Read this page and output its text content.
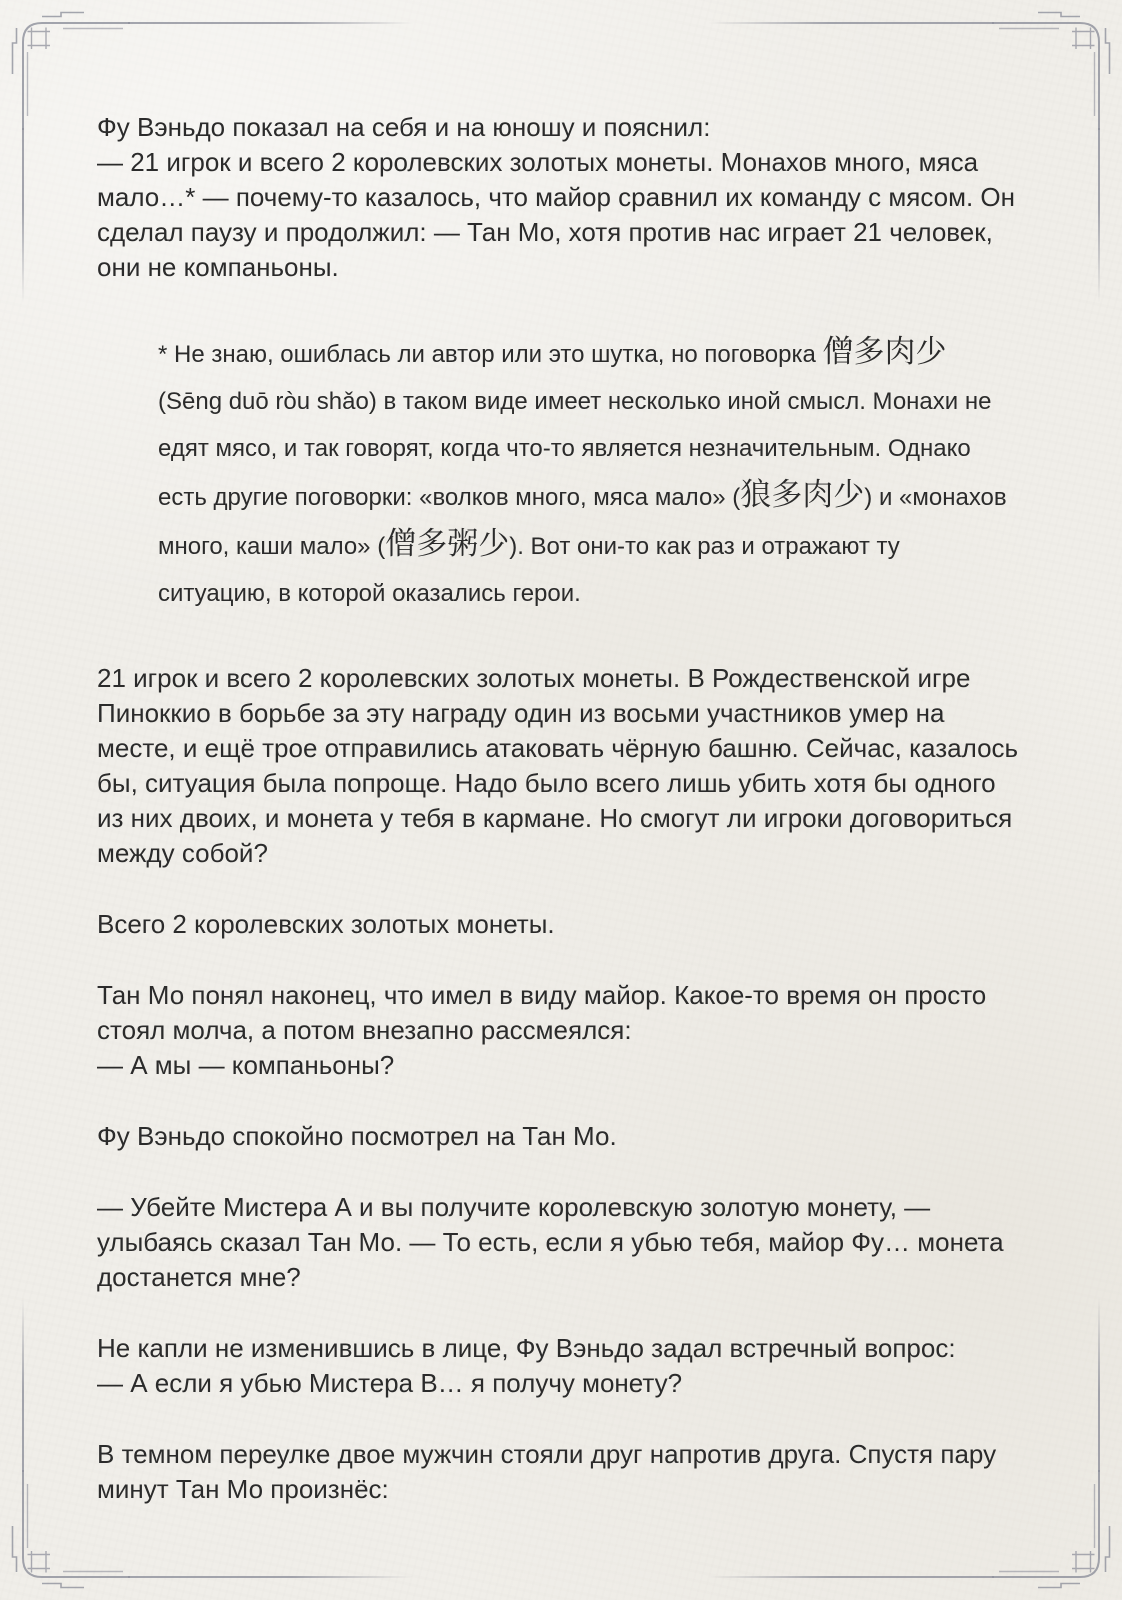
Фу Вэньдо показал на себя и на юношу и пояснил:
— 21 игрок и всего 2 королевских золотых монеты. Монахов много, мяса мало…* — почему-то казалось, что майор сравнил их команду с мясом. Он сделал паузу и продолжил: — Тан Мо, хотя против нас играет 21 человек, они не компаньоны.

* Не знаю, ошиблась ли автор или это шутка, но поговорка 僧多肉少 (Sēng duō ròu shǎo) в таком виде имеет несколько иной смысл. Монахи не едят мясо, и так говорят, когда что-то является незначительным. Однако есть другие поговорки: «волков много, мяса мало» (狼多肉少) и «монахов много, каши мало» (僧多粥少). Вот они-то как раз и отражают ту ситуацию, в которой оказались герои.

21 игрок и всего 2 королевских золотых монеты. В Рождественской игре Пиноккио в борьбе за эту награду один из восьми участников умер на месте, и ещё трое отправились атаковать чёрную башню. Сейчас, казалось бы, ситуация была попроще. Надо было всего лишь убить хотя бы одного из них двоих, и монета у тебя в кармане. Но смогут ли игроки договориться между собой?

Всего 2 королевских золотых монеты.

Тан Мо понял наконец, что имел в виду майор. Какое-то время он просто стоял молча, а потом внезапно рассмеялся:
— А мы — компаньоны?

Фу Вэньдо спокойно посмотрел на Тан Мо.

— Убейте Мистера А и вы получите королевскую золотую монету, — улыбаясь сказал Тан Мо. — То есть, если я убью тебя, майор Фу… монета достанется мне?

Не капли не изменившись в лице, Фу Вэньдо задал встречный вопрос:
— А если я убью Мистера В… я получу монету?

В темном переулке двое мужчин стояли друг напротив друга. Спустя пару минут Тан Мо произнёс:
